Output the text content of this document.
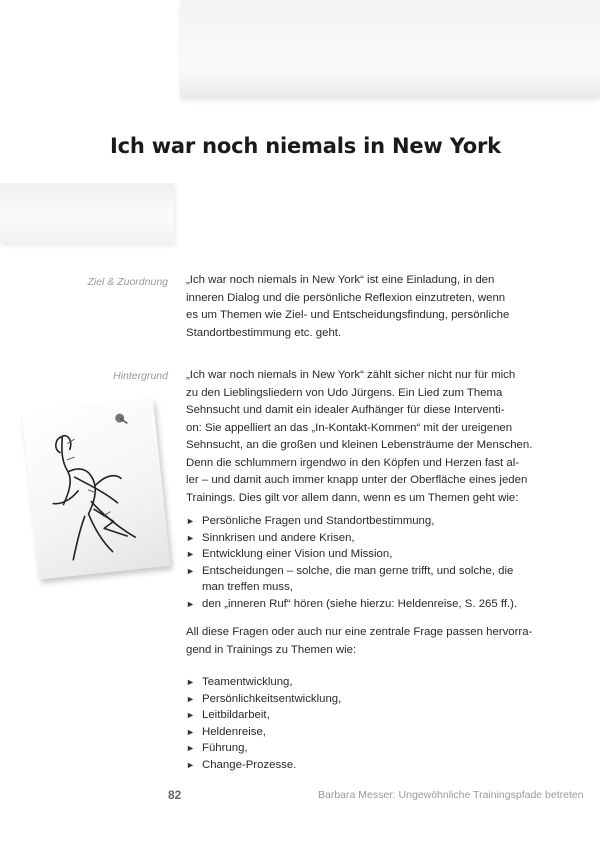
Ich war noch niemals in New York
Ziel & Zuordnung „Ich war noch niemals in New York“ ist eine Einladung, in den
inneren Dialog und die persönliche Reflexion einzutreten, wenn
es um Themen wie Ziel- und Entscheidungsfindung, persönliche
Standortbestimmung etc. geht.
Hintergrund „Ich war noch niemals in New York“ zählt sicher nicht nur für mich
zu den Lieblingsliedern von Udo Jürgens. Ein Lied zum Thema
Sehnsucht und damit ein idealer Aufhänger für diese Interventi-
on: Sie appelliert an das „In-Kontakt-Kommen“ mit der ureigenen
Sehnsucht, an die großen und kleinen Lebensträume der Menschen.
Denn die schlummern irgendwo in den Köpfen und Herzen fast al-
ler – und damit auch immer knapp unter der Oberfläche eines jeden
Trainings. Dies gilt vor allem dann, wenn es um Themen geht wie:
► Persönliche Fragen und Standortbestimmung,
► Sinnkrisen und andere Krisen,
► Entwicklung einer Vision und Mission,
► Entscheidungen – solche, die man gerne trifft, und solche, die
man treffen muss,
► den „inneren Ruf“ hören (siehe hierzu: Heldenreise, S. 265 ff.).
All diese Fragen oder auch nur eine zentrale Frage passen hervorra-
gend in Trainings zu Themen wie:
► Teamentwicklung,
► Persönlichkeitsentwicklung,
► Leitbildarbeit,
► Heldenreise,
► Führung,
► Change-Prozesse.
82	Barbara Messer: Ungewöhnliche Trainingspfade betreten
